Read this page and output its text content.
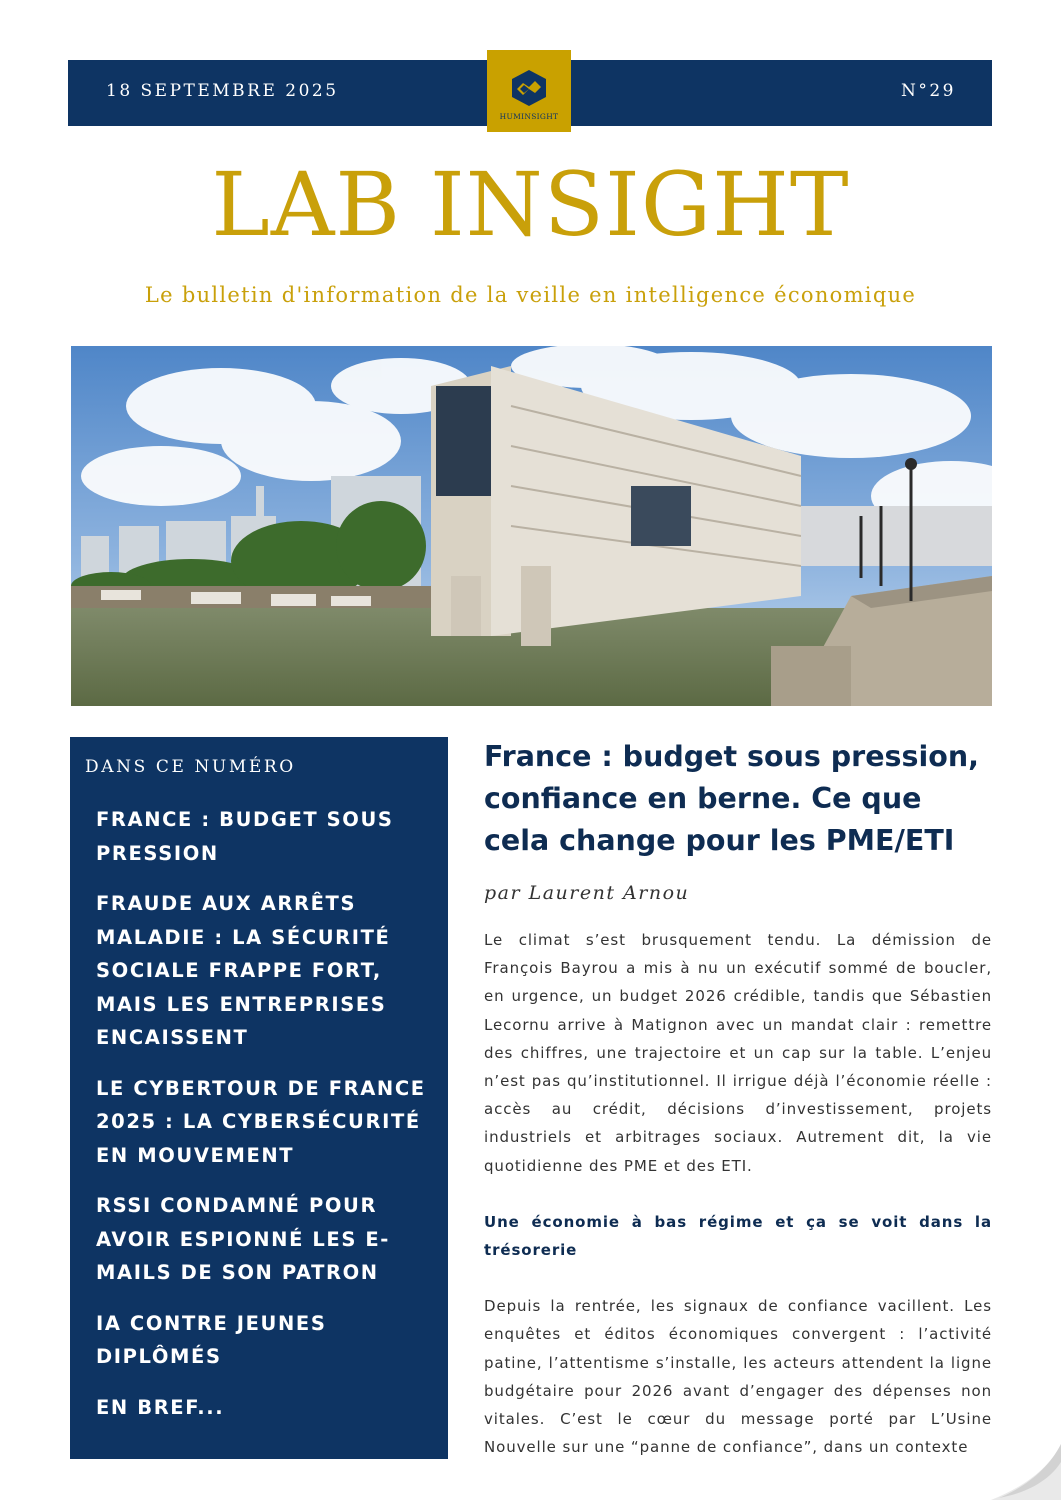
18 SEPTEMBRE 2025	N°29
HUMINSIGHT
LAB INSIGHT
Le bulletin d'information de la veille en intelligence économique
DANS CE NUMÉRO
FRANCE : BUDGET SOUS PRESSION
FRAUDE AUX ARRÊTS MALADIE : LA SÉCURITÉ SOCIALE FRAPPE FORT, MAIS LES ENTREPRISES ENCAISSENT
LE CYBERTOUR DE FRANCE 2025 : LA CYBERSÉCURITÉ EN MOUVEMENT
RSSI CONDAMNÉ POUR AVOIR ESPIONNÉ LES E-MAILS DE SON PATRON
IA CONTRE JEUNES DIPLÔMÉS
EN BREF...
France : budget sous pression, confiance en berne. Ce que cela change pour les PME/ETI
par Laurent Arnou
Le climat s’est brusquement tendu. La démission de François Bayrou a mis à nu un exécutif sommé de boucler, en urgence, un budget 2026 crédible, tandis que Sébastien Lecornu arrive à Matignon avec un mandat clair : remettre des chiffres, une trajectoire et un cap sur la table. L’enjeu n’est pas qu’institutionnel. Il irrigue déjà l’économie réelle : accès au crédit, décisions d’investissement, projets industriels et arbitrages sociaux. Autrement dit, la vie quotidienne des PME et des ETI.
Une économie à bas régime et ça se voit dans la trésorerie
Depuis la rentrée, les signaux de confiance vacillent. Les enquêtes et éditos économiques convergent : l’activité patine, l’attentisme s’installe, les acteurs attendent la ligne budgétaire pour 2026 avant d’engager des dépenses non vitales. C’est le cœur du message porté par L’Usine Nouvelle sur une “panne de confiance”, dans un contexte
